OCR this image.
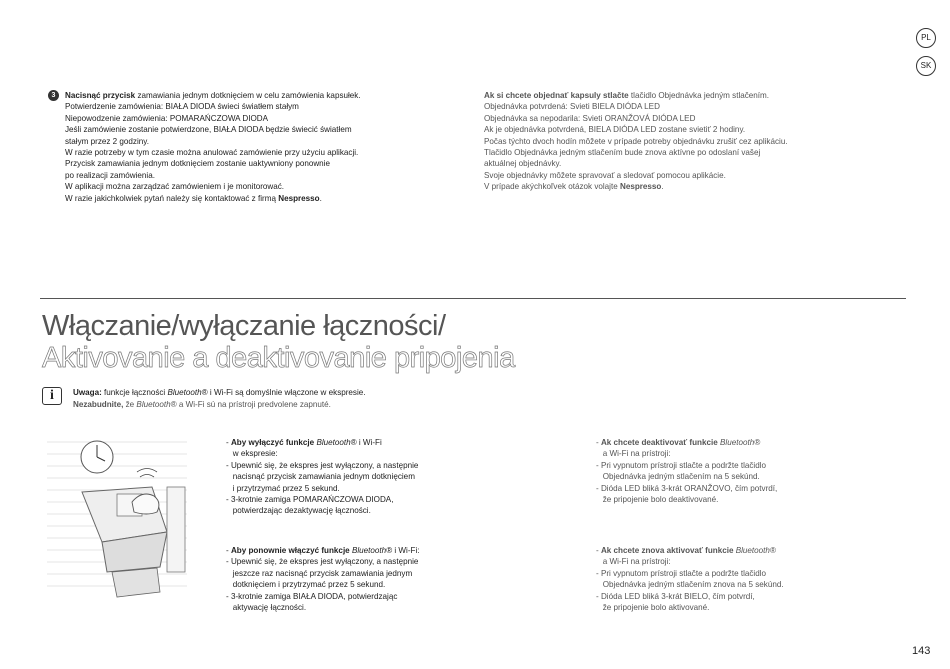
PL
SK
3	Nacisnąć przycisk zamawiania jednym dotknięciem w celu zamówienia kapsułek.
Potwierdzenie zamówienia: BIAŁA DIODA świeci światłem stałym
Niepowodzenie zamówienia: POMARAŃCZOWA DIODA
Jeśli zamówienie zostanie potwierdzone, BIAŁA DIODA będzie świecić światłem
stałym przez 2 godziny.
W razie potrzeby w tym czasie można anulować zamówienie przy użyciu aplikacji.
Przycisk zamawiania jednym dotknięciem zostanie uaktywniony ponownie
po realizacji zamówienia.
W aplikacji można zarządzać zamówieniem i je monitorować.
W razie jakichkolwiek pytań należy się kontaktować z firmą Nespresso.
Ak si chcete objednať kapsuly stlačte tlačidlo Objednávka jedným stlačením.
Objednávka potvrdená: Svieti BIELA DIÓDA LED
Objednávka sa nepodarila: Svieti ORANŽOVÁ DIÓDA LED
Ak je objednávka potvrdená, BIELA DIÓDA LED zostane svietiť 2 hodiny.
Počas týchto dvoch hodín môžete v prípade potreby objednávku zrušiť cez aplikáciu.
Tlačidlo Objednávka jedným stlačením bude znova aktívne po odoslaní vašej
aktuálnej objednávky.
Svoje objednávky môžete spravovať a sledovať pomocou aplikácie.
V prípade akýchkoľvek otázok volajte Nespresso.
Włączanie/wyłączanie łączności/
Aktivovanie a deaktivovanie pripojenia
i	Uwaga: funkcje łączności Bluetooth® i Wi-Fi są domyślnie włączone w ekspresie.
Nezabudnite, že Bluetooth® a Wi-Fi sú na prístroji predvolene zapnuté.
- Aby wyłączyć funkcje Bluetooth® i Wi-Fi
w ekspresie:
- Upewnić się, że ekspres jest wyłączony, a następnie
nacisnąć przycisk zamawiania jednym dotknięciem
i przytrzymać przez 5 sekund.
- 3-krotnie zamiga POMARAŃCZOWA DIODA,
potwierdzając dezaktywację łączności.
- Aby ponownie włączyć funkcje Bluetooth® i Wi-Fi:
- Upewnić się, że ekspres jest wyłączony, a następnie
jeszcze raz nacisnąć przycisk zamawiania jednym
dotknięciem i przytrzymać przez 5 sekund.
- 3-krotnie zamiga BIAŁA DIODA, potwierdzając
aktywację łączności.
- Ak chcete deaktivovať funkcie Bluetooth®
a Wi-Fi na prístroji:
- Pri vypnutom prístroji stlačte a podržte tlačidlo
Objednávka jedným stlačením na 5 sekúnd.
- Dióda LED bliká 3-krát ORANŽOVO, čím potvrdí,
že pripojenie bolo deaktivované.
- Ak chcete znova aktivovať funkcie Bluetooth®
a Wi-Fi na prístroji:
- Pri vypnutom prístroji stlačte a podržte tlačidlo
Objednávka jedným stlačením znova na 5 sekúnd.
- Dióda LED bliká 3-krát BIELO, čím potvrdí,
že pripojenie bolo aktivované.
143
